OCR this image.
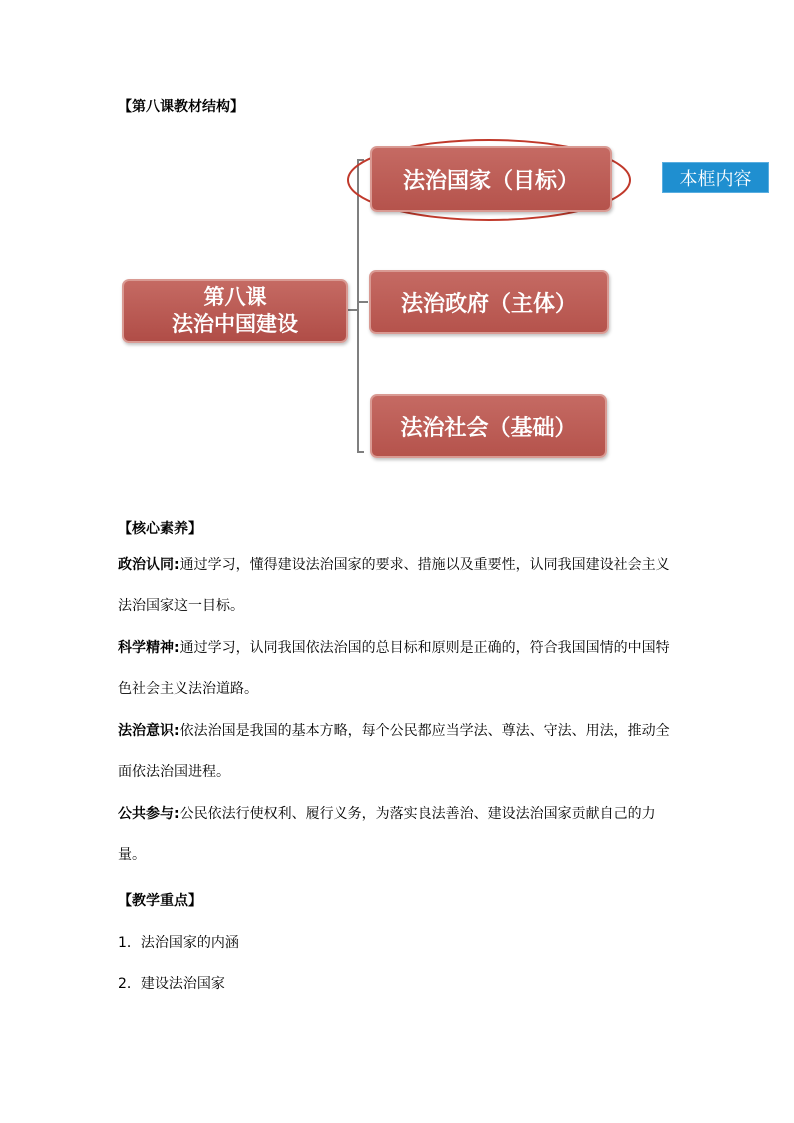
【第八课教材结构】
第八课
法治中国建设
法治国家（目标）
法治政府（主体）
法治社会（基础）
本框内容
【核心素养】
政治认同:通过学习，懂得建设法治国家的要求、措施以及重要性，认同我国建设社会主义法治国家这一目标。
科学精神:通过学习，认同我国依法治国的总目标和原则是正确的，符合我国国情的中国特色社会主义法治道路。
法治意识:依法治国是我国的基本方略，每个公民都应当学法、尊法、守法、用法，推动全面依法治国进程。
公共参与:公民依法行使权利、履行义务，为落实良法善治、建设法治国家贡献自己的力量。
【教学重点】
1．法治国家的内涵
2．建设法治国家
